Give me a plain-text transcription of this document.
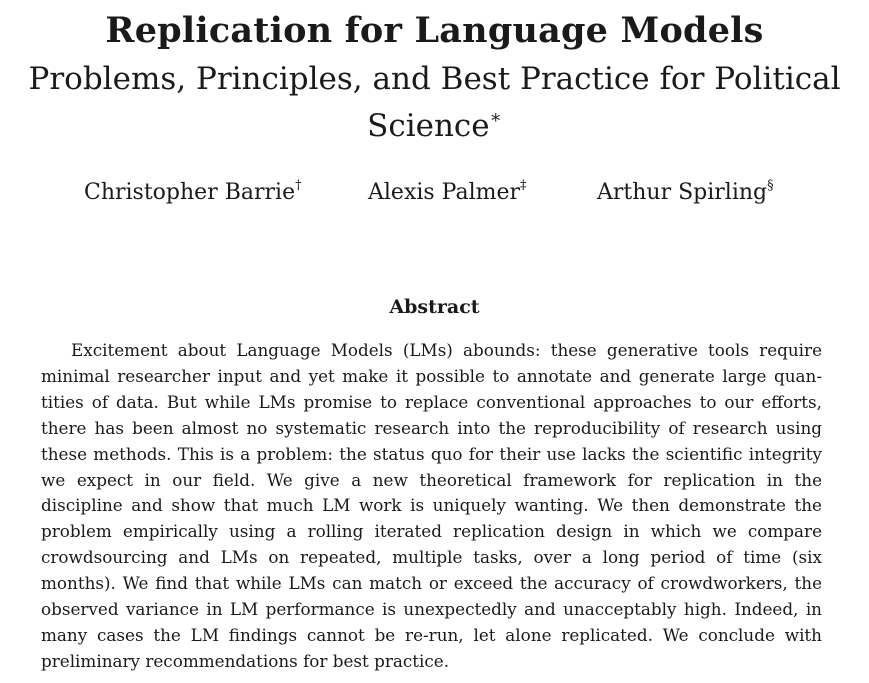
Replication for Language Models

Problems, Principles, and Best Practice for Political Science∗

Christopher Barrie†	Alexis Palmer‡	Arthur Spirling§
Abstract

Excitement about Language Models (LMs) abounds: these generative tools require minimal researcher input and yet make it possible to annotate and generate large quantities of data. But while LMs promise to replace conventional approaches to our efforts, there has been almost no systematic research into the reproducibility of research using these methods. This is a problem: the status quo for their use lacks the scientific integrity we expect in our field. We give a new theoretical framework for replication in the discipline and show that much LM work is uniquely wanting. We then demonstrate the problem empirically using a rolling iterated replication design in which we compare crowdsourcing and LMs on repeated, multiple tasks, over a long period of time (six months). We find that while LMs can match or exceed the accuracy of crowdworkers, the observed variance in LM performance is unexpectedly and unacceptably high. Indeed, in many cases the LM findings cannot be re-run, let alone replicated. We conclude with preliminary recommendations for best practice.
